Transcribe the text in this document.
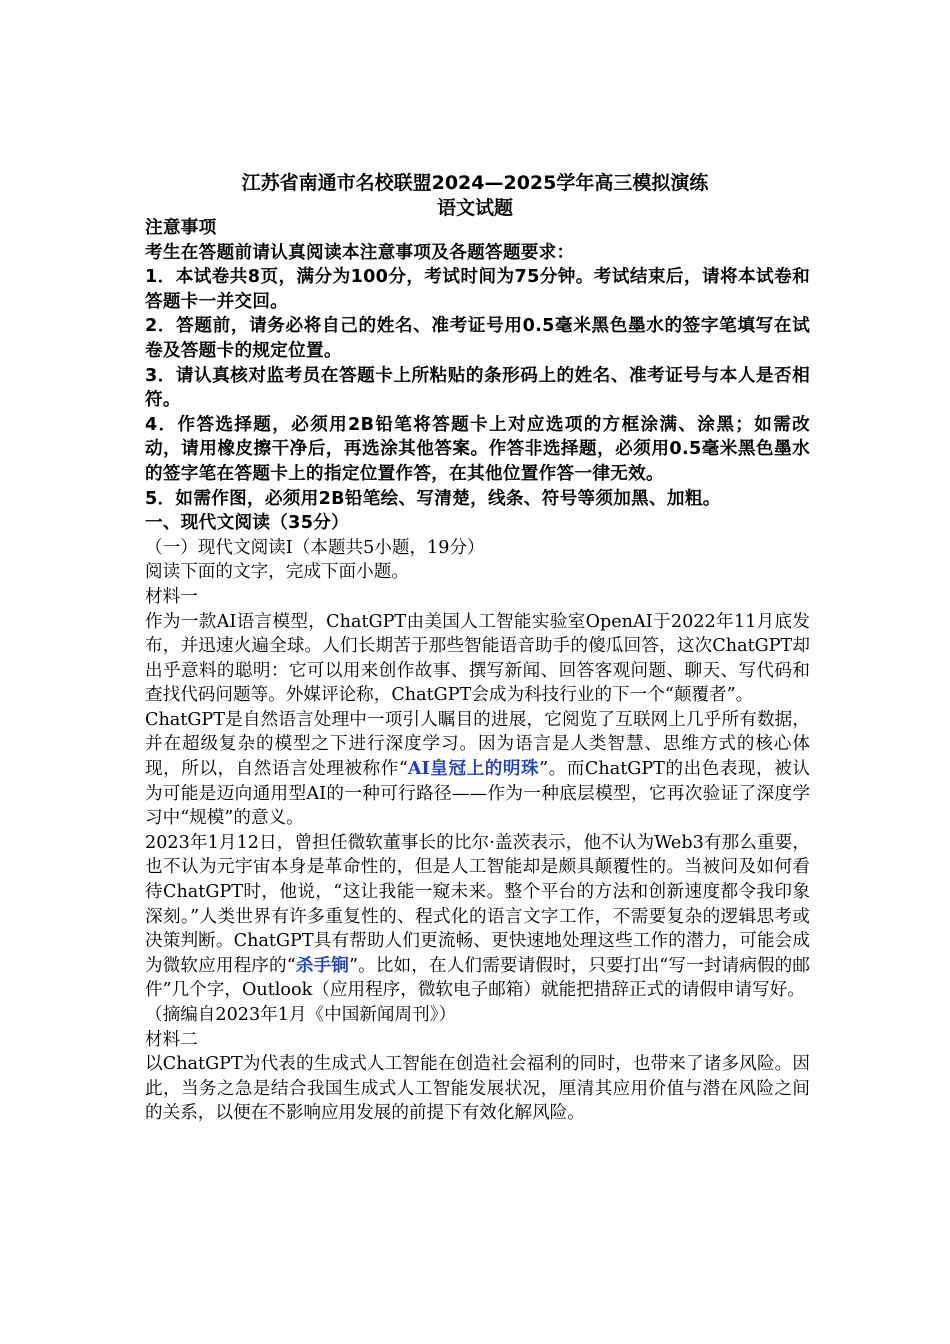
江苏省南通市名校联盟2024—2025学年高三模拟演练
语文试题

注意事项

考生在答题前请认真阅读本注意事项及各题答题要求：

1．本试卷共8页，满分为100分，考试时间为75分钟。考试结束后，请将本试卷和答题卡一并交回。

2．答题前，请务必将自己的姓名、准考证号用0.5毫米黑色墨水的签字笔填写在试卷及答题卡的规定位置。

3．请认真核对监考员在答题卡上所粘贴的条形码上的姓名、准考证号与本人是否相符。

4．作答选择题，必须用2B铅笔将答题卡上对应选项的方框涂满、涂黑；如需改动，请用橡皮擦干净后，再选涂其他答案。作答非选择题，必须用0.5毫米黑色墨水的签字笔在答题卡上的指定位置作答，在其他位置作答一律无效。

5．如需作图，必须用2B铅笔绘、写清楚，线条、符号等须加黑、加粗。

一、现代文阅读（35分）

（一）现代文阅读Ⅰ（本题共5小题，19分）

阅读下面的文字，完成下面小题。

材料一

作为一款AI语言模型，ChatGPT由美国人工智能实验室OpenAI于2022年11月底发布，并迅速火遍全球。人们长期苦于那些智能语音助手的傻瓜回答，这次ChatGPT却出乎意料的聪明：它可以用来创作故事、撰写新闻、回答客观问题、聊天、写代码和查找代码问题等。外媒评论称，ChatGPT会成为科技行业的下一个“颠覆者”。

ChatGPT是自然语言处理中一项引人瞩目的进展，它阅览了互联网上几乎所有数据，并在超级复杂的模型之下进行深度学习。因为语言是人类智慧、思维方式的核心体现，所以，自然语言处理被称作“AI皇冠上的明珠”。而ChatGPT的出色表现，被认为可能是迈向通用型AI的一种可行路径——作为一种底层模型，它再次验证了深度学习中“规模”的意义。

2023年1月12日，曾担任微软董事长的比尔·盖茨表示，他不认为Web3有那么重要，也不认为元宇宙本身是革命性的，但是人工智能却是颇具颠覆性的。当被问及如何看待ChatGPT时，他说，“这让我能一窥未来。整个平台的方法和创新速度都令我印象深刻。”人类世界有许多重复性的、程式化的语言文字工作，不需要复杂的逻辑思考或决策判断。ChatGPT具有帮助人们更流畅、更快速地处理这些工作的潜力，可能会成为微软应用程序的“杀手锏”。比如，在人们需要请假时，只要打出“写一封请病假的邮件”几个字，Outlook（应用程序，微软电子邮箱）就能把措辞正式的请假申请写好。

（摘编自2023年1月《中国新闻周刊》）

材料二

以ChatGPT为代表的生成式人工智能在创造社会福利的同时，也带来了诸多风险。因此，当务之急是结合我国生成式人工智能发展状况，厘清其应用价值与潜在风险之间的关系，以便在不影响应用发展的前提下有效化解风险。
